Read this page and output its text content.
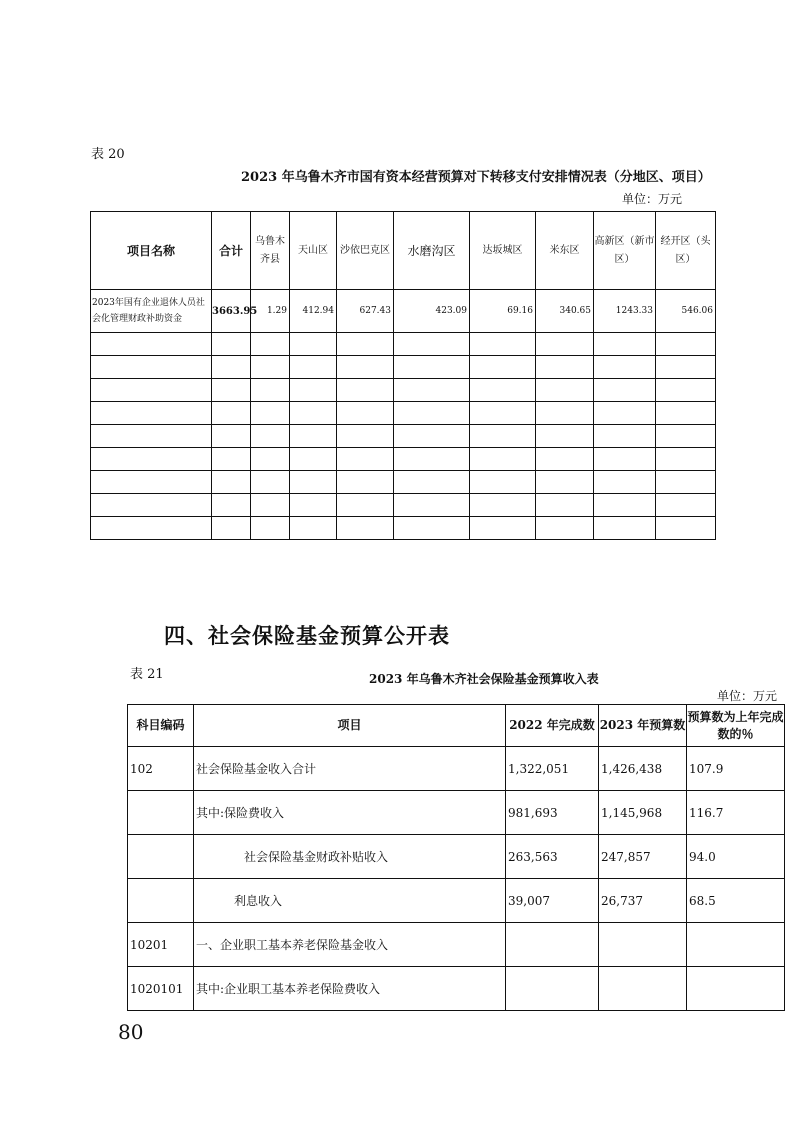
表 20
2023 年乌鲁木齐市国有资本经营预算对下转移支付安排情况表（分地区、项目）
单位：万元
项目名称	合计	乌鲁木齐县	天山区	沙依巴克区	水磨沟区	达坂城区	米东区	高新区（新市区）	经开区（头区）
2023年国有企业退休人员社会化管理财政补助资金	3663.95	1.29	412.94	627.43	423.09	69.16	340.65	1243.33	546.06

四、社会保险基金预算公开表
表 21	2023 年乌鲁木齐社会保险基金预算收入表
单位：万元
科目编码	项目	2022 年完成数	2023 年预算数	预算数为上年完成数的％
102	社会保险基金收入合计	1,322,051	1,426,438	107.9
	其中:保险费收入	981,693	1,145,968	116.7
	社会保险基金财政补贴收入	263,563	247,857	94.0
	利息收入	39,007	26,737	68.5
10201	一、企业职工基本养老保险基金收入			
1020101	其中:企业职工基本养老保险费收入			
80
